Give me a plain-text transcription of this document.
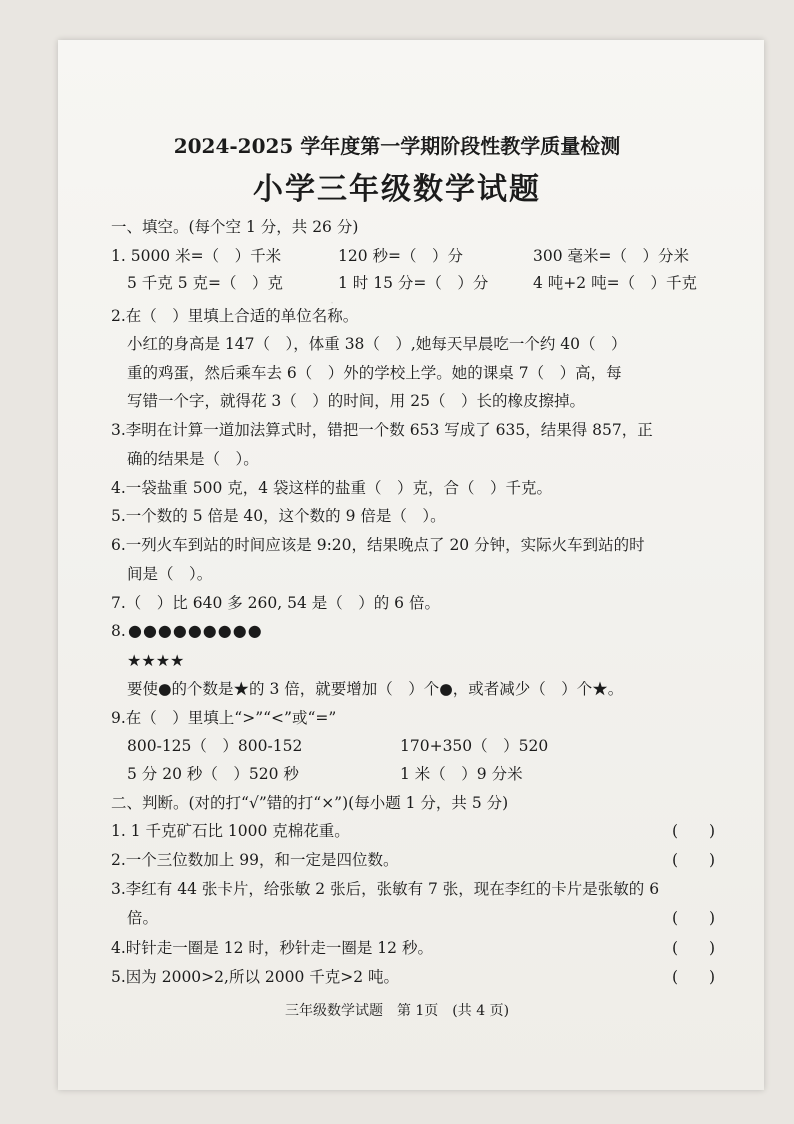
·
2024-2025 学年度第一学期阶段性教学质量检测
小学三年级数学试题
一、填空。(每个空 1 分，共 26 分)
1. 5000 米=（　）千米	120 秒=（　）分	300 毫米=（　）分米
5 千克 5 克=（　）克	1 时 15 分=（　）分	4 吨+2 吨=（　）千克
2.在（　）里填上合适的单位名称。
小红的身高是 147（　），体重 38（　）,她每天早晨吃一个约 40（　）
重的鸡蛋，然后乘车去 6（　）外的学校上学。她的课桌 7（　）高，每
写错一个字，就得花 3（　）的时间，用 25（　）长的橡皮擦掉。
3.李明在计算一道加法算式时，错把一个数 653 写成了 635，结果得 857，正
确的结果是（　）。
4.一袋盐重 500 克，4 袋这样的盐重（　）克，合（　）千克。
5.一个数的 5 倍是 40，这个数的 9 倍是（　）。
6.一列火车到站的时间应该是 9:20，结果晚点了 20 分钟，实际火车到站的时
间是（　）。
7.（　）比 640 多 260, 54 是（　）的 6 倍。
8. ●●●●●●●●●
★★★★
要使●的个数是★的 3 倍，就要增加（　）个●，或者减少（　）个★。
9.在（　）里填上“>”“<”或“=”
800-125（　）800-152	170+350（　）520
5 分 20 秒（　）520 秒	1 米（　）9 分米
二、判断。(对的打“√”错的打“×”)(每小题 1 分，共 5 分)
1. 1 千克矿石比 1000 克棉花重。	(　　)
2.一个三位数加上 99，和一定是四位数。	(　　)
3.李红有 44 张卡片，给张敏 2 张后，张敏有 7 张，现在李红的卡片是张敏的 6
倍。	(　　)
4.时针走一圈是 12 时，秒针走一圈是 12 秒。	(　　)
5.因为 2000>2,所以 2000 千克>2 吨。	(　　)
三年级数学试题　第 1页　(共 4 页)
